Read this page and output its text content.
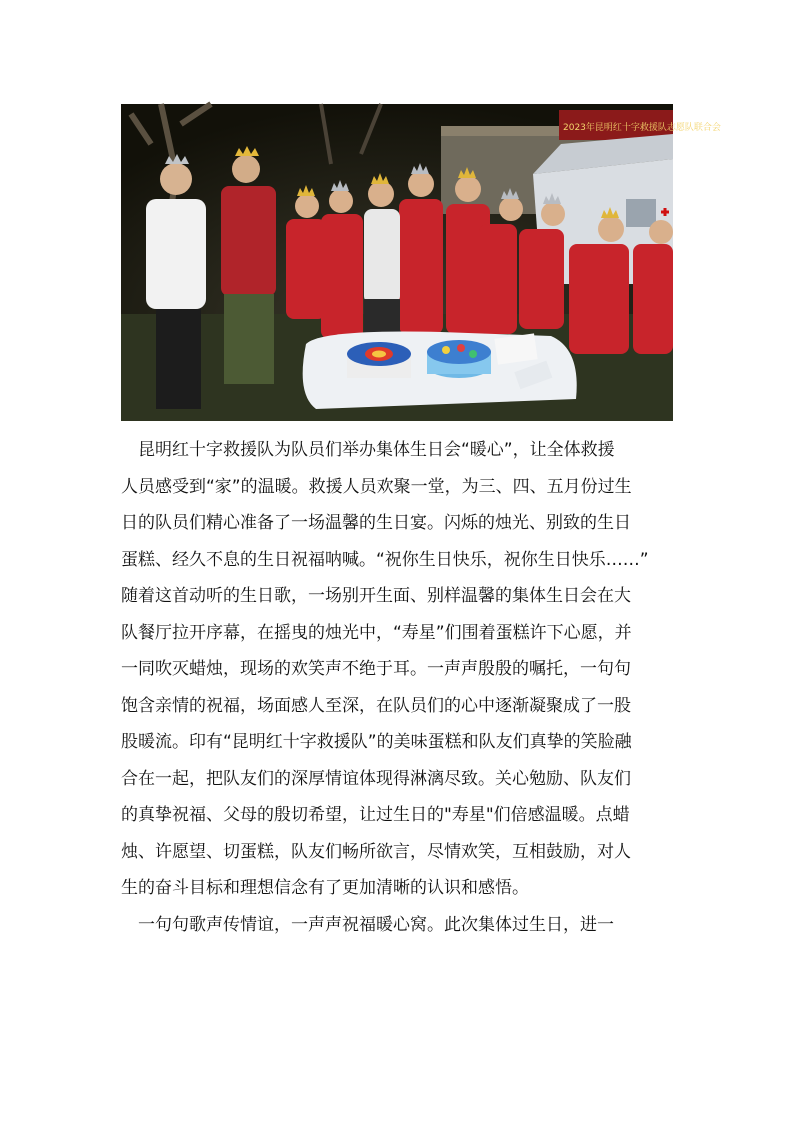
2023年昆明红十字救援队志愿队联合会

　昆明红十字救援队为队员们举办集体生日会“暖心”，让全体救援
人员感受到“家”的温暖。救援人员欢聚一堂，为三、四、五月份过生
日的队员们精心准备了一场温馨的生日宴。闪烁的烛光、别致的生日
蛋糕、经久不息的生日祝福呐喊。“祝你生日快乐，祝你生日快乐……”
随着这首动听的生日歌，一场别开生面、别样温馨的集体生日会在大
队餐厅拉开序幕，在摇曳的烛光中，“寿星”们围着蛋糕许下心愿，并
一同吹灭蜡烛，现场的欢笑声不绝于耳。一声声殷殷的嘱托，一句句
饱含亲情的祝福，场面感人至深，在队员们的心中逐渐凝聚成了一股
股暖流。印有“昆明红十字救援队”的美味蛋糕和队友们真挚的笑脸融
合在一起，把队友们的深厚情谊体现得淋漓尽致。关心勉励、队友们
的真挚祝福、父母的殷切希望，让过生日的"寿星"们倍感温暖。点蜡
烛、许愿望、切蛋糕，队友们畅所欲言，尽情欢笑，互相鼓励，对人
生的奋斗目标和理想信念有了更加清晰的认识和感悟。

　一句句歌声传情谊，一声声祝福暖心窝。此次集体过生日，进一
